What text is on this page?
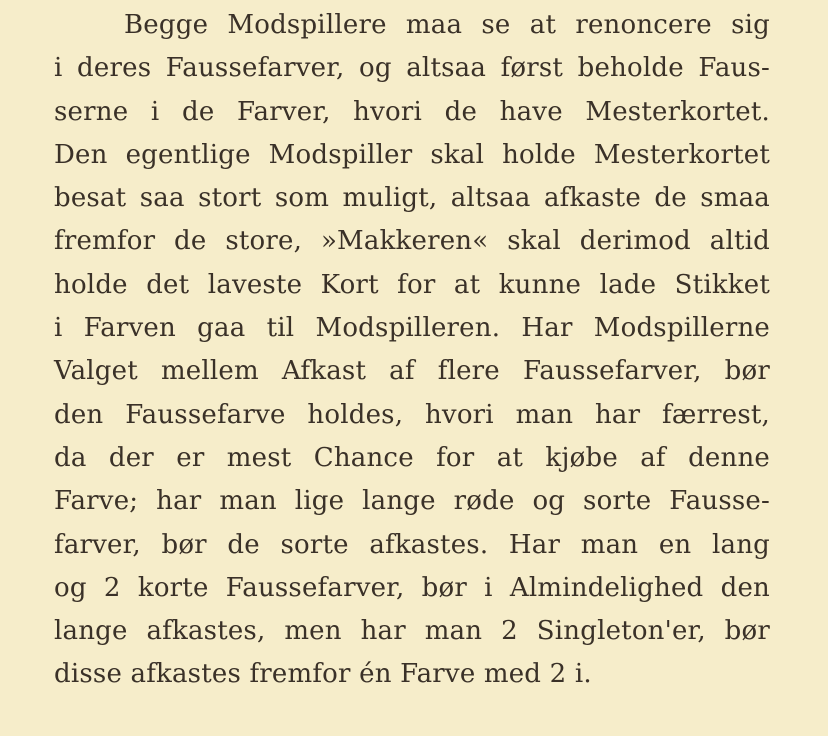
Begge Modspillere maa se at renoncere sig
i deres Faussefarver, og altsaa først beholde Faus-
serne i de Farver, hvori de have Mesterkortet.
Den egentlige Modspiller skal holde Mesterkortet
besat saa stort som muligt, altsaa afkaste de smaa
fremfor de store, »Makkeren« skal derimod altid
holde det laveste Kort for at kunne lade Stikket
i Farven gaa til Modspilleren. Har Modspillerne
Valget mellem Afkast af flere Faussefarver, bør
den Faussefarve holdes, hvori man har færrest,
da der er mest Chance for at kjøbe af denne
Farve; har man lige lange røde og sorte Fausse-
farver, bør de sorte afkastes. Har man en lang
og 2 korte Faussefarver, bør i Almindelighed den
lange afkastes, men har man 2 Singleton'er, bør
disse afkastes fremfor én Farve med 2 i.
